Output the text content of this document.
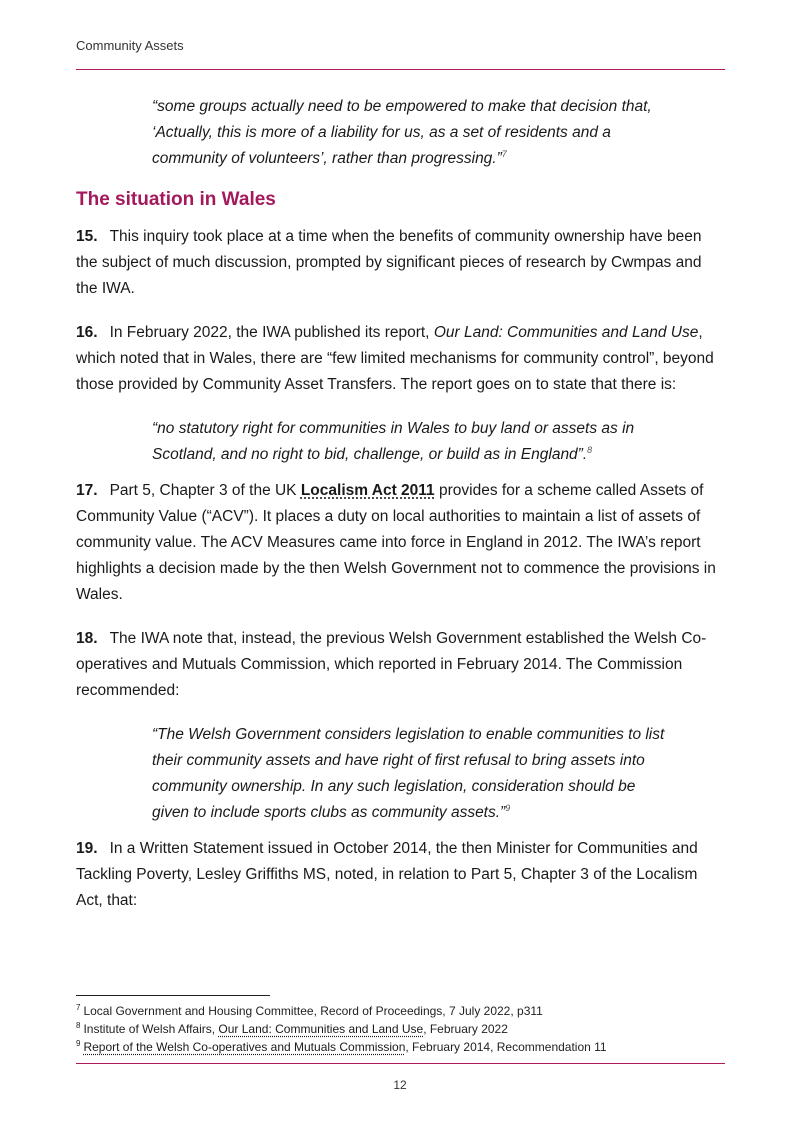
Community Assets

“some groups actually need to be empowered to make that decision that, ‘Actually, this is more of a liability for us, as a set of residents and a community of volunteers’, rather than progressing.”$^7$

The situation in Wales

15. This inquiry took place at a time when the benefits of community ownership have been the subject of much discussion, prompted by significant pieces of research by Cwmpas and the IWA.

16. In February 2022, the IWA published its report, Our Land: Communities and Land Use, which noted that in Wales, there are “few limited mechanisms for community control”, beyond those provided by Community Asset Transfers. The report goes on to state that there is:

“no statutory right for communities in Wales to buy land or assets as in Scotland, and no right to bid, challenge, or build as in England”.$^8$

17. Part 5, Chapter 3 of the UK Localism Act 2011 provides for a scheme called Assets of Community Value (“ACV”). It places a duty on local authorities to maintain a list of assets of community value. The ACV Measures came into force in England in 2012. The IWA’s report highlights a decision made by the then Welsh Government not to commence the provisions in Wales.

18. The IWA note that, instead, the previous Welsh Government established the Welsh Co-operatives and Mutuals Commission, which reported in February 2014. The Commission recommended:

“The Welsh Government considers legislation to enable communities to list their community assets and have right of first refusal to bring assets into community ownership. In any such legislation, consideration should be given to include sports clubs as community assets.”$^9$

19. In a Written Statement issued in October 2014, the then Minister for Communities and Tackling Poverty, Lesley Griffiths MS, noted, in relation to Part 5, Chapter 3 of the Localism Act, that:

$^7$ Local Government and Housing Committee, Record of Proceedings, 7 July 2022, p311
$^8$ Institute of Welsh Affairs, Our Land: Communities and Land Use, February 2022
$^9$ Report of the Welsh Co-operatives and Mutuals Commission, February 2014, Recommendation 11
12
